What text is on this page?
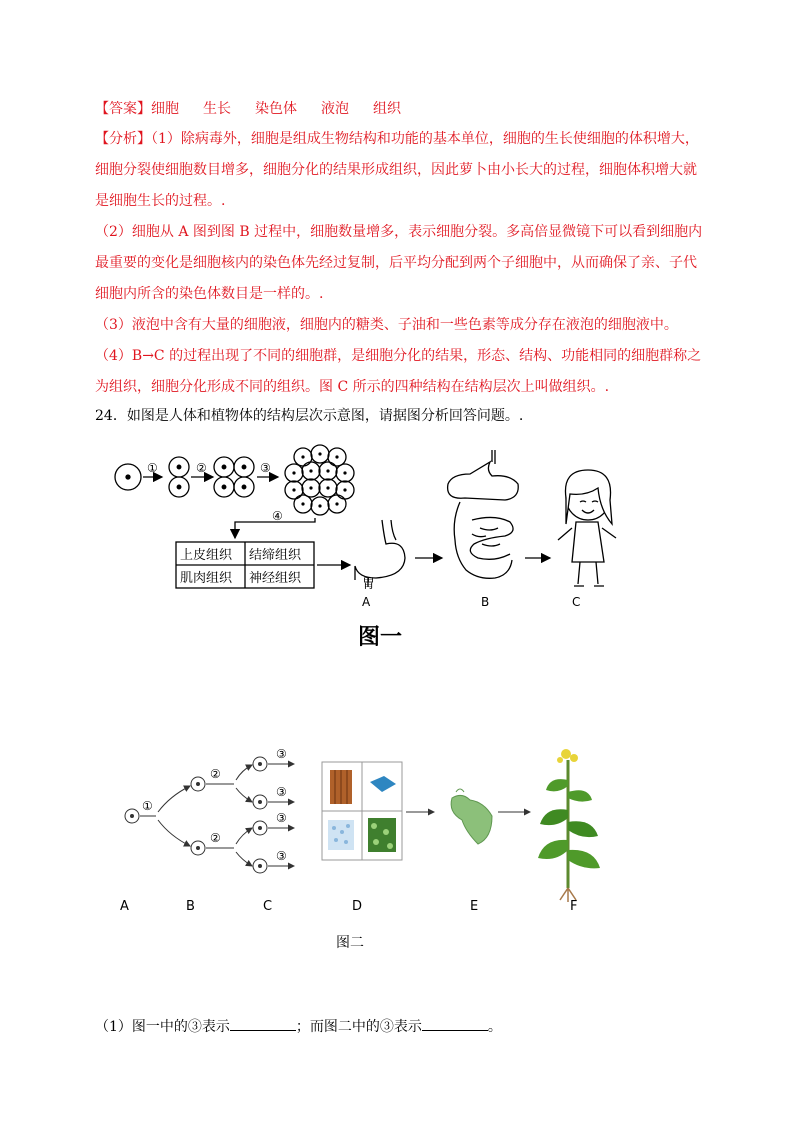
【答案】细胞 生长 染色体 液泡 组织
【分析】（1）除病毒外，细胞是组成生物结构和功能的基本单位，细胞的生长使细胞的体积增大，
细胞分裂使细胞数目增多，细胞分化的结果形成组织，因此萝卜由小长大的过程，细胞体积增大就
是细胞生长的过程。.
（2）细胞从 A 图到图 B 过程中，细胞数量增多，表示细胞分裂。多高倍显微镜下可以看到细胞内
最重要的变化是细胞核内的染色体先经过复制，后平均分配到两个子细胞中，从而确保了亲、子代
细胞内所含的染色体数目是一样的。.
（3）液泡中含有大量的细胞液，细胞内的糖类、子油和一些色素等成分存在液泡的细胞液中。
（4）B→C 的过程出现了不同的细胞群，是细胞分化的结果，形态、结构、功能相同的细胞群称之
为组织，细胞分化形成不同的组织。图 C 所示的四种结构在结构层次上叫做组织。.
24．如图是人体和植物体的结构层次示意图，请据图分析回答问题。.
①	②	③
④
上皮组织 结缔组织
肌肉组织 神经组织	胃
A	B	C
图一
①
②
②
③
③
③
③
A	B	C	D	E	F
图二
（1）图一中的③表示	；而图二中的③表示	。
